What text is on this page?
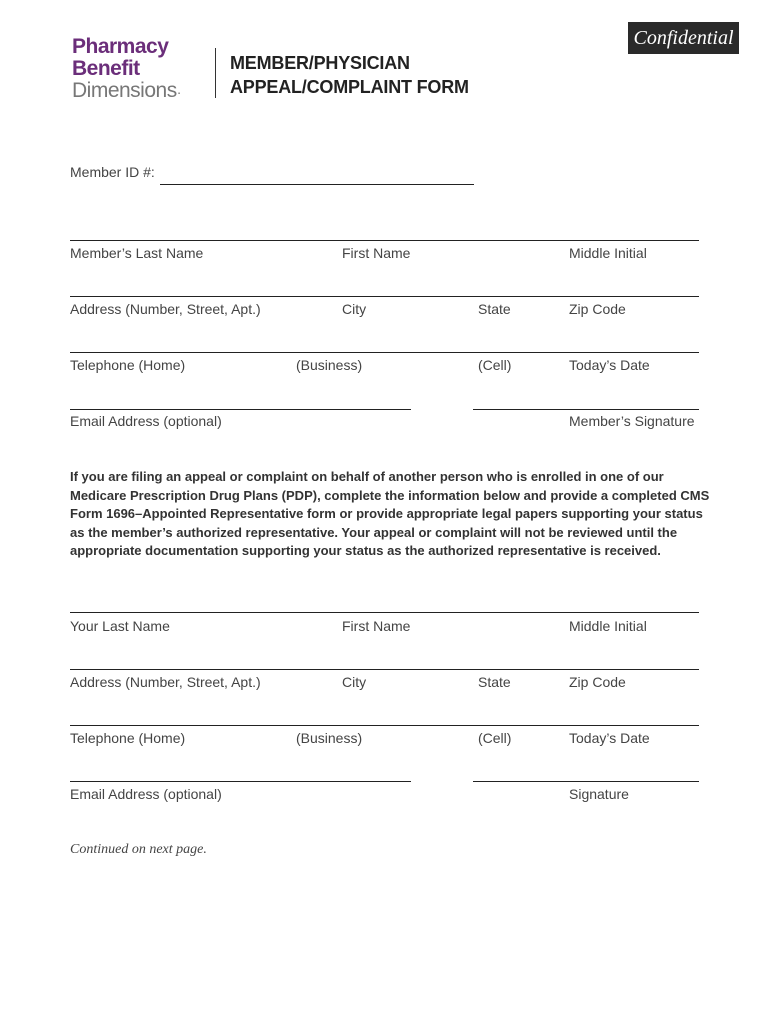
Pharmacy
Benefit
Dimensions·
MEMBER/PHYSICIAN
APPEAL/COMPLAINT FORM
Confidential
Member ID #:
Member’s Last Name	First Name	Middle Initial
Address (Number, Street, Apt.)	City	State	Zip Code
Telephone (Home)	(Business)	(Cell)	Today’s Date
Email Address (optional)	Member’s Signature
If you are filing an appeal or complaint on behalf of another person who is enrolled in one of our Medicare Prescription Drug Plans (PDP), complete the information below and provide a completed CMS Form 1696–Appointed Representative form or provide appropriate legal papers supporting your status as the member’s authorized representative. Your appeal or complaint will not be reviewed until the appropriate documentation supporting your status as the authorized representative is received.
Your Last Name	First Name	Middle Initial
Address (Number, Street, Apt.)	City	State	Zip Code
Telephone (Home)	(Business)	(Cell)	Today’s Date
Email Address (optional)	Signature
Continued on next page.
